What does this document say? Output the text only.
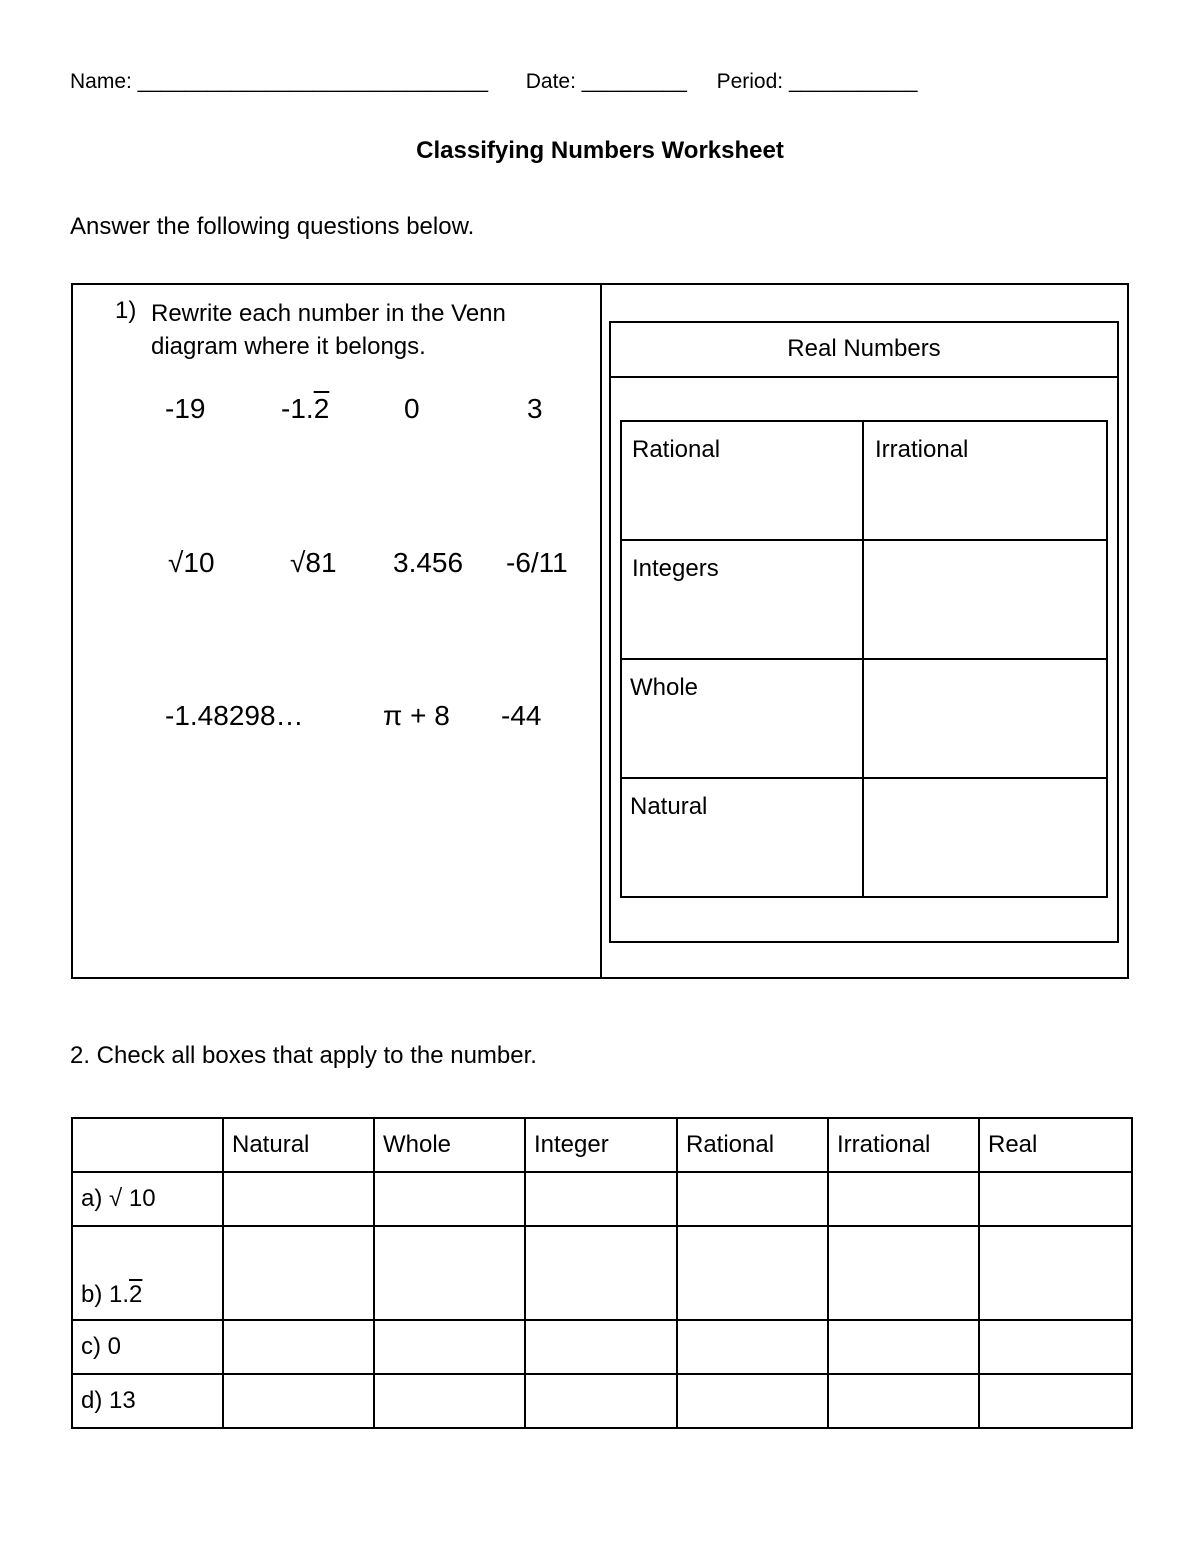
Name: ______________________________ Date: _________ Period: ___________
Classifying Numbers Worksheet
Answer the following questions below.
1) Rewrite each number in the Venn diagram where it belongs.
-19	-1.2	0	3
√10	√81 3.456 -6/11
-1.48298…	π + 8 -44
Real Numbers
Rational	Irrational
Integers
Whole
Natural
2. Check all boxes that apply to the number.
	Natural	Whole	Integer	Rational	Irrational	Real
a) √ 10						
b) 1.2						
c) 0						
d) 13						
